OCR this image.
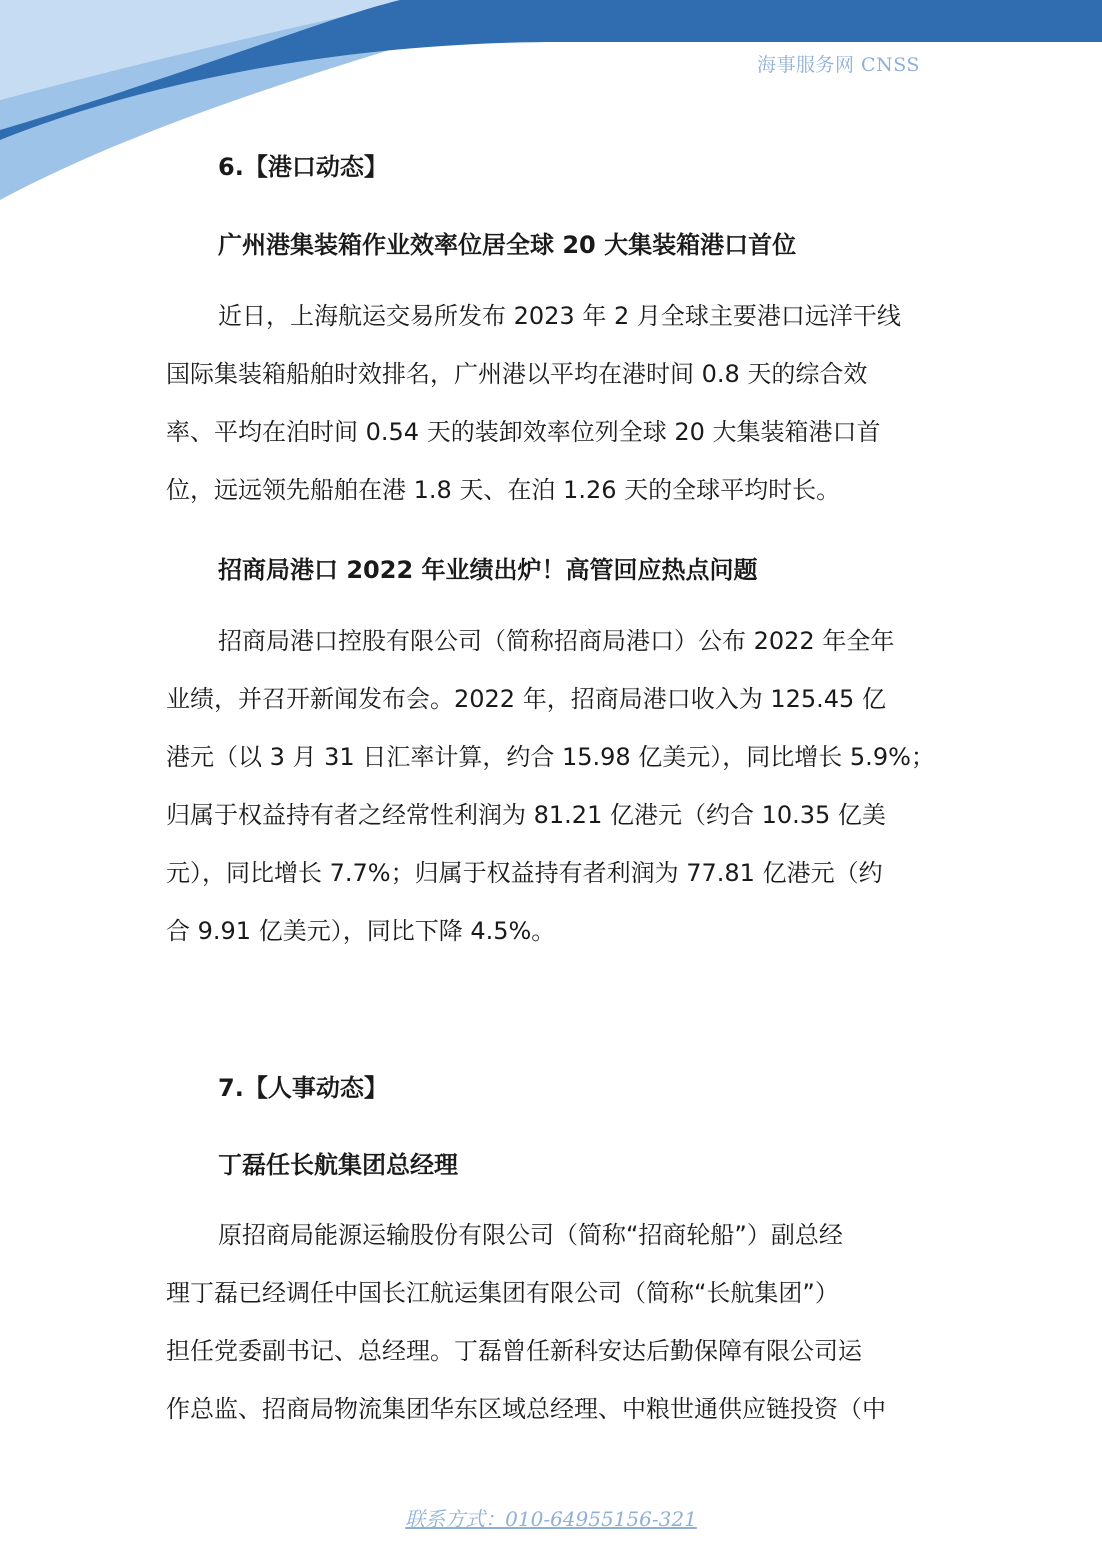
海事服务网 CNSS
6.【港口动态】
广州港集装箱作业效率位居全球 20 大集装箱港口首位

近日，上海航运交易所发布 2023 年 2 月全球主要港口远洋干线
国际集装箱船舶时效排名，广州港以平均在港时间 0.8 天的综合效
率、平均在泊时间 0.54 天的装卸效率位列全球 20 大集装箱港口首
位，远远领先船舶在港 1.8 天、在泊 1.26 天的全球平均时长。

招商局港口 2022 年业绩出炉！高管回应热点问题

招商局港口控股有限公司（简称招商局港口）公布 2022 年全年
业绩，并召开新闻发布会。2022 年，招商局港口收入为 125.45 亿
港元（以 3 月 31 日汇率计算，约合 15.98 亿美元），同比增长 5.9%；
归属于权益持有者之经常性利润为 81.21 亿港元（约合 10.35 亿美
元），同比增长 7.7%；归属于权益持有者利润为 77.81 亿港元（约
合 9.91 亿美元），同比下降 4.5%。

7.【人事动态】
丁磊任长航集团总经理

原招商局能源运输股份有限公司（简称“招商轮船”）副总经
理丁磊已经调任中国长江航运集团有限公司（简称“长航集团”）
担任党委副书记、总经理。丁磊曾任新科安达后勤保障有限公司运
作总监、招商局物流集团华东区域总经理、中粮世通供应链投资（中

联系方式：010-64955156-321
